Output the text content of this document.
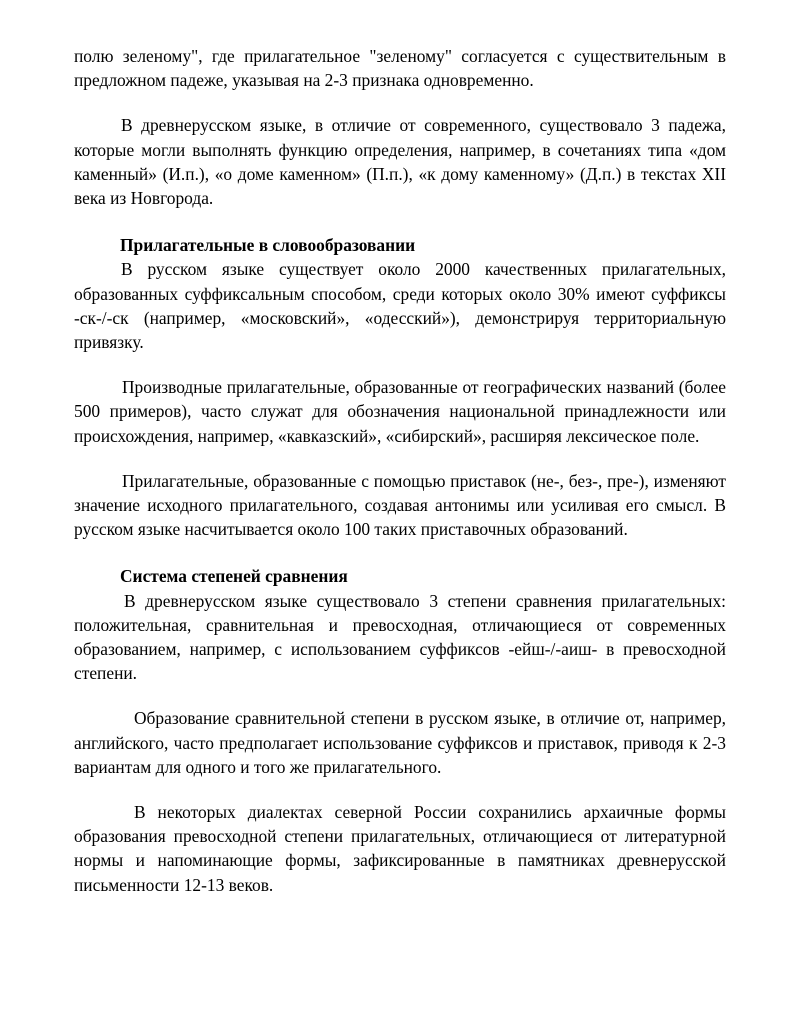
полю зеленому", где прилагательное "зеленому" согласуется с существительным в предложном падеже, указывая на 2-3 признака одновременно.

В древнерусском языке, в отличие от современного, существовало 3 падежа, которые могли выполнять функцию определения, например, в сочетаниях типа «дом каменный» (И.п.), «о доме каменном» (П.п.), «к дому каменному» (Д.п.) в текстах XII века из Новгорода.

Прилагательные в словообразовании

В русском языке существует около 2000 качественных прилагательных, образованных суффиксальным способом, среди которых около 30% имеют суффиксы -ск-/-ск (например, «московский», «одесский»), демонстрируя территориальную привязку.

Производные прилагательные, образованные от географических названий (более 500 примеров), часто служат для обозначения национальной принадлежности или происхождения, например, «кавказский», «сибирский», расширяя лексическое поле.

Прилагательные, образованные с помощью приставок (не-, без-, пре-), изменяют значение исходного прилагательного, создавая антонимы или усиливая его смысл. В русском языке насчитывается около 100 таких приставочных образований.

Система степеней сравнения

В древнерусском языке существовало 3 степени сравнения прилагательных: положительная, сравнительная и превосходная, отличающиеся от современных образованием, например, с использованием суффиксов -ейш-/-аиш- в превосходной степени.

Образование сравнительной степени в русском языке, в отличие от, например, английского, часто предполагает использование суффиксов и приставок, приводя к 2-3 вариантам для одного и того же прилагательного.

В некоторых диалектах северной России сохранились архаичные формы образования превосходной степени прилагательных, отличающиеся от литературной нормы и напоминающие формы, зафиксированные в памятниках древнерусской письменности 12-13 веков.
